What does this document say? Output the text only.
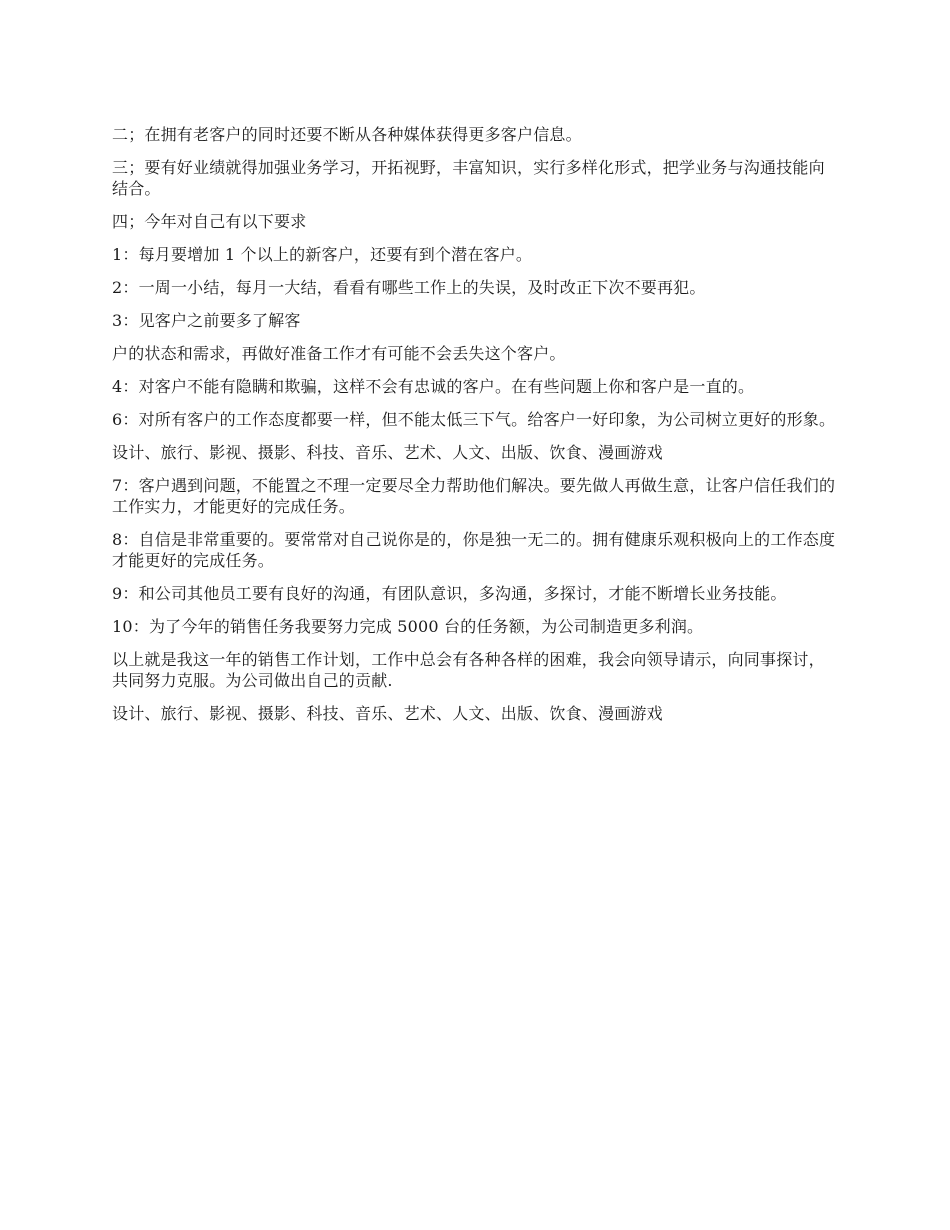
二；在拥有老客户的同时还要不断从各种媒体获得更多客户信息。

三；要有好业绩就得加强业务学习，开拓视野，丰富知识，实行多样化形式，把学业务与沟通技能向结合。

四；今年对自己有以下要求

1：每月要增加 1 个以上的新客户，还要有到个潜在客户。

2：一周一小结，每月一大结，看看有哪些工作上的失误，及时改正下次不要再犯。

3：见客户之前要多了解客

户的状态和需求，再做好准备工作才有可能不会丢失这个客户。

4：对客户不能有隐瞒和欺骗，这样不会有忠诚的客户。在有些问题上你和客户是一直的。

6：对所有客户的工作态度都要一样，但不能太低三下气。给客户一好印象，为公司树立更好的形象。

设计、旅行、影视、摄影、科技、音乐、艺术、人文、出版、饮食、漫画游戏

7：客户遇到问题，不能置之不理一定要尽全力帮助他们解决。要先做人再做生意，让客户信任我们的工作实力，才能更好的完成任务。

8：自信是非常重要的。要常常对自己说你是的，你是独一无二的。拥有健康乐观积极向上的工作态度才能更好的完成任务。

9：和公司其他员工要有良好的沟通，有团队意识，多沟通，多探讨，才能不断增长业务技能。

10：为了今年的销售任务我要努力完成 5000 台的任务额，为公司制造更多利润。

以上就是我这一年的销售工作计划，工作中总会有各种各样的困难，我会向领导请示，向同事探讨，共同努力克服。为公司做出自己的贡献.

设计、旅行、影视、摄影、科技、音乐、艺术、人文、出版、饮食、漫画游戏
